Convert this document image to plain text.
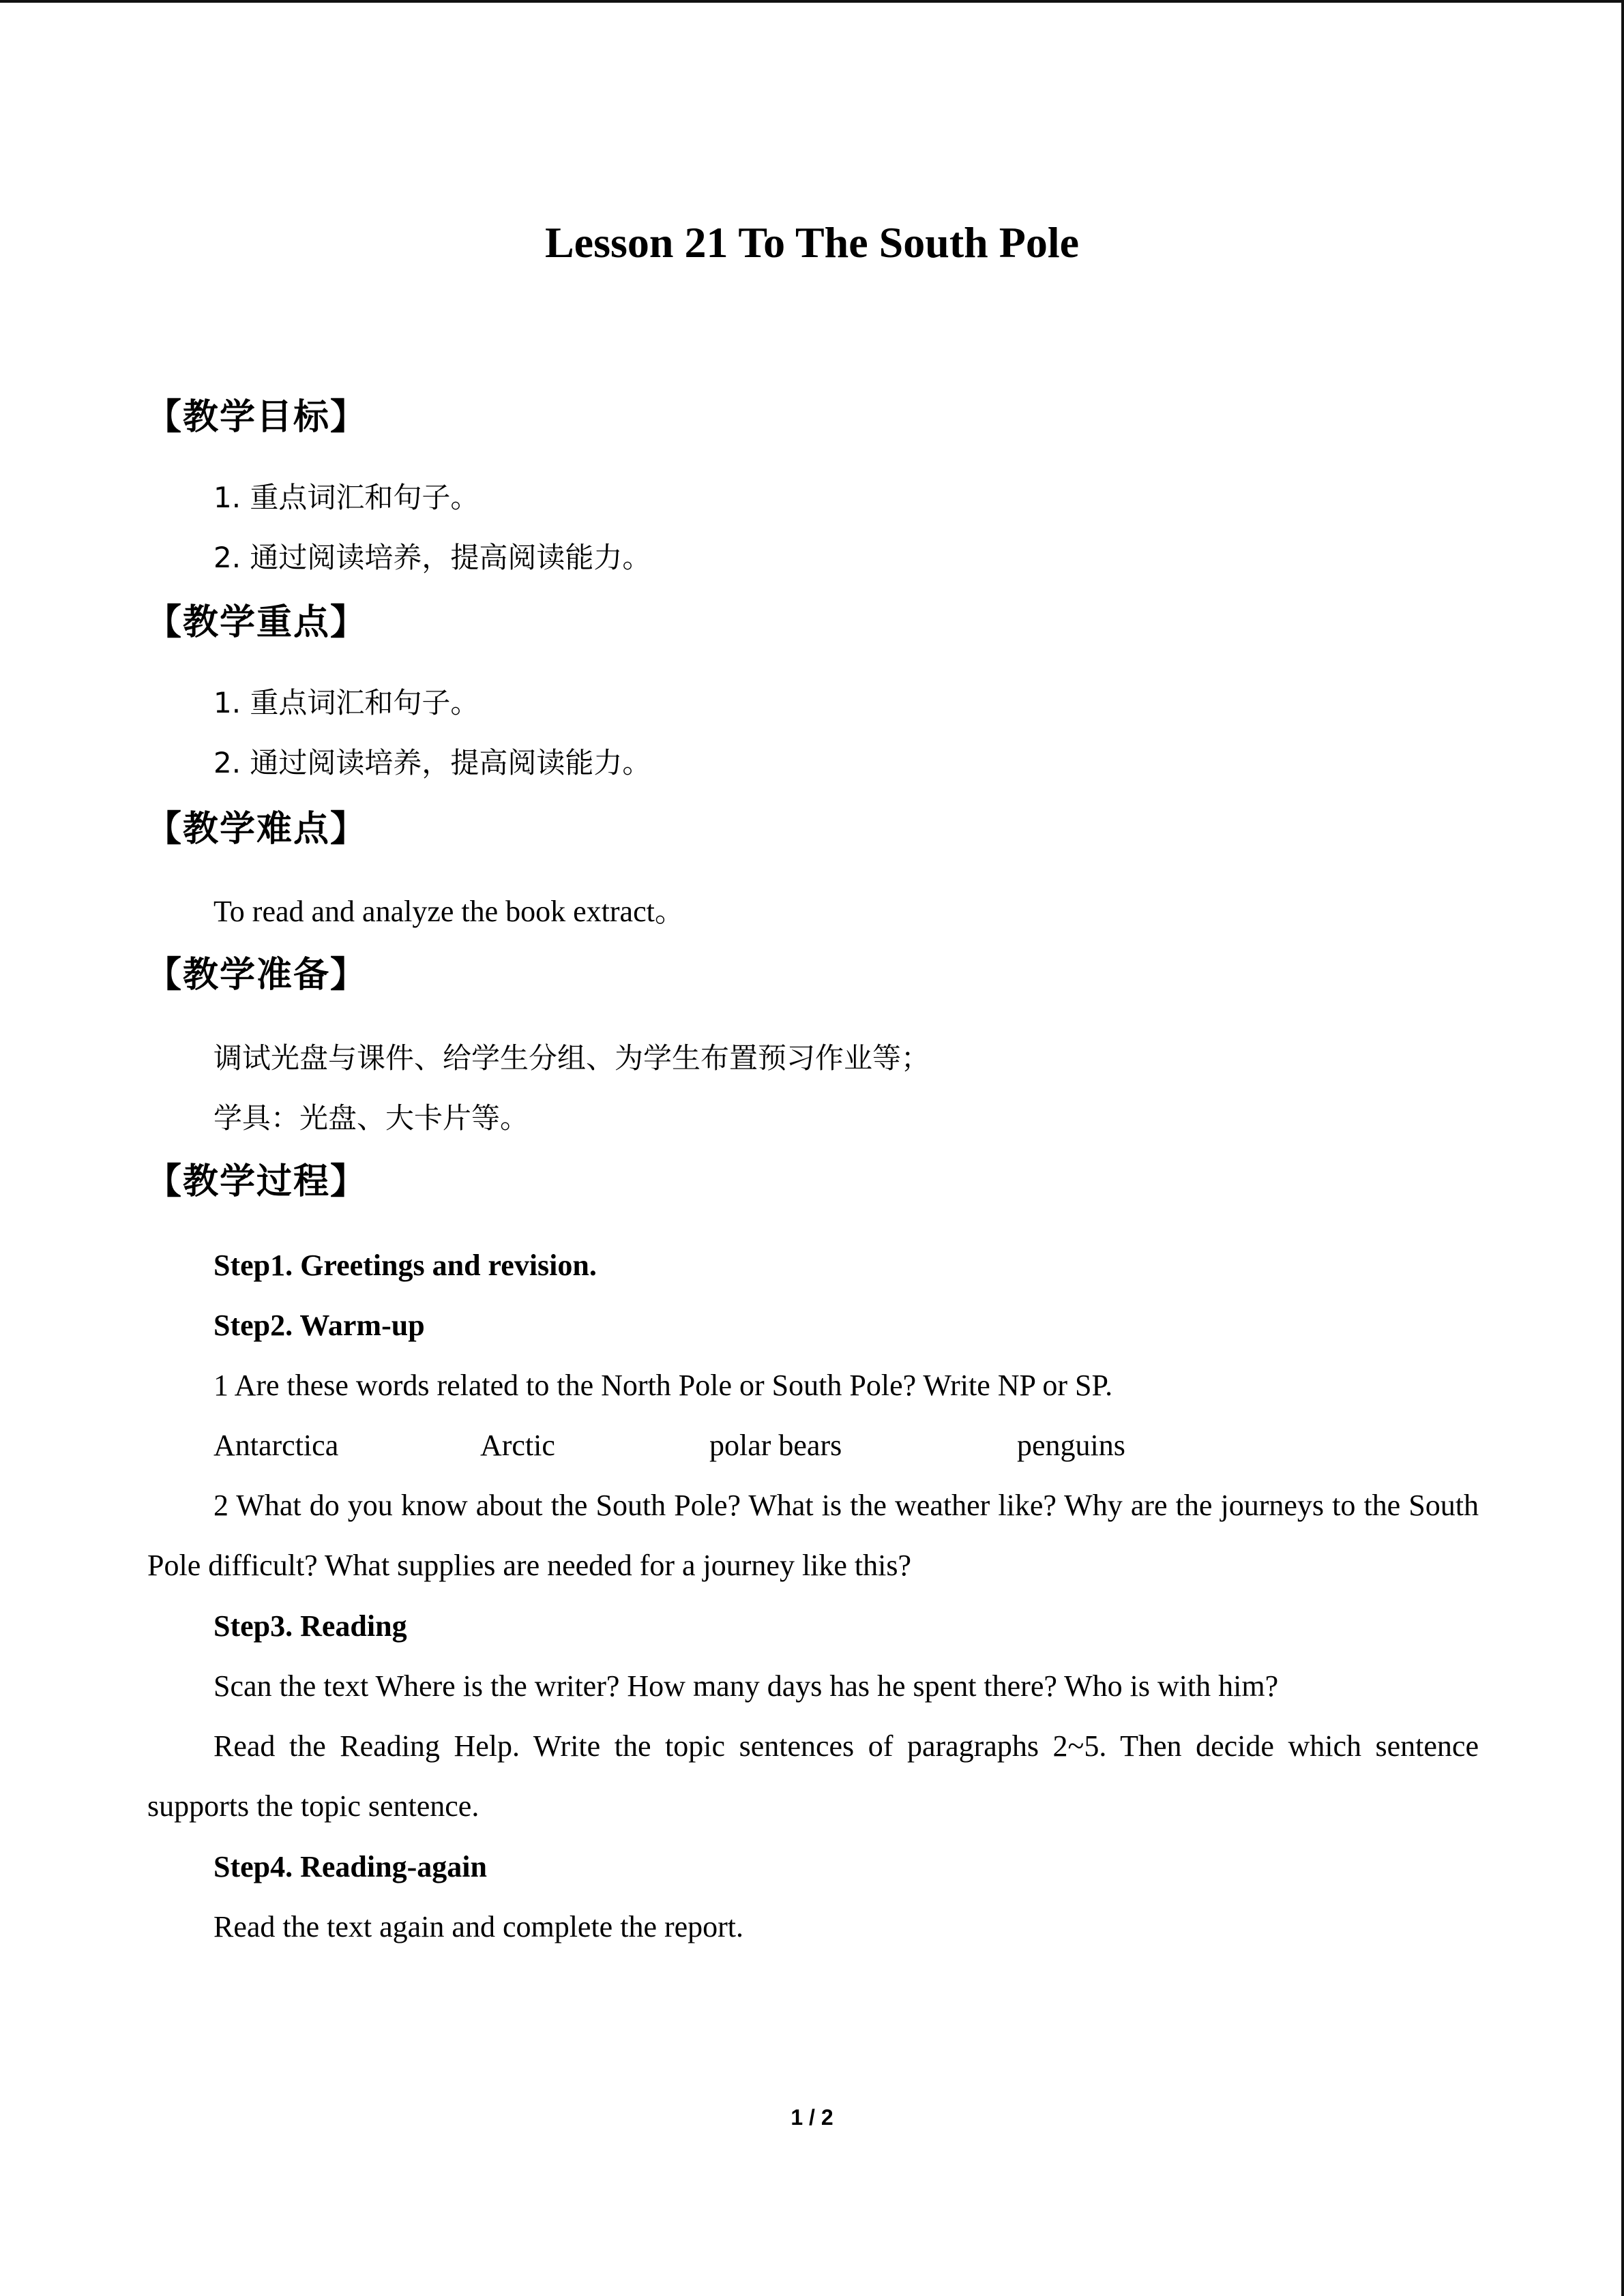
Lesson 21 To The South Pole
【教学目标】
1. 重点词汇和句子。
2. 通过阅读培养，提高阅读能力。
【教学重点】
1. 重点词汇和句子。
2. 通过阅读培养，提高阅读能力。
【教学难点】
To read and analyze the book extract。
【教学准备】
调试光盘与课件、给学生分组、为学生布置预习作业等；
学具：光盘、大卡片等。
【教学过程】
Step1. Greetings and revision.
Step2. Warm-up
1 Are these words related to the North Pole or South Pole? Write NP or SP.
Antarctica	Arctic	polar bears	penguins
2 What do you know about the South Pole? What is the weather like? Why are the journeys to the South Pole difficult? What supplies are needed for a journey like this?
Step3. Reading
Scan the text Where is the writer? How many days has he spent there? Who is with him?
Read the Reading Help. Write the topic sentences of paragraphs 2~5. Then decide which sentence supports the topic sentence.
Step4. Reading-again
Read the text again and complete the report.
1 / 2
